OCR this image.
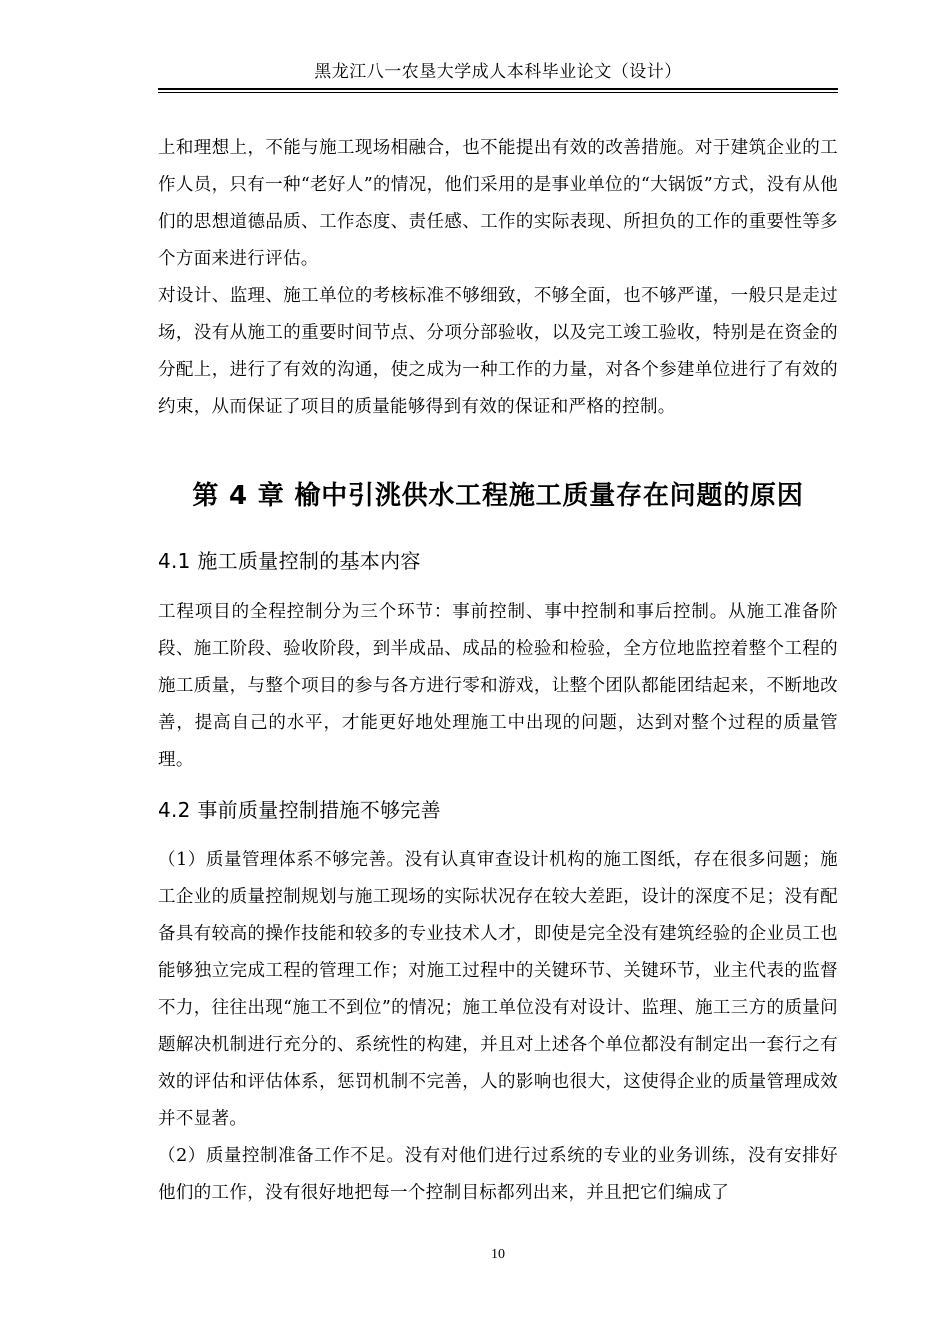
黑龙江八一农垦大学成人本科毕业论文（设计）

上和理想上，不能与施工现场相融合，也不能提出有效的改善措施。对于建筑企业的工作人员，只有一种“老好人”的情况，他们采用的是事业单位的“大锅饭”方式，没有从他们的思想道德品质、工作态度、责任感、工作的实际表现、所担负的工作的重要性等多个方面来进行评估。

对设计、监理、施工单位的考核标准不够细致，不够全面，也不够严谨，一般只是走过场，没有从施工的重要时间节点、分项分部验收，以及完工竣工验收，特别是在资金的分配上，进行了有效的沟通，使之成为一种工作的力量，对各个参建单位进行了有效的约束，从而保证了项目的质量能够得到有效的保证和严格的控制。

第 4 章 榆中引洮供水工程施工质量存在问题的原因
4.1 施工质量控制的基本内容

工程项目的全程控制分为三个环节：事前控制、事中控制和事后控制。从施工准备阶段、施工阶段、验收阶段，到半成品、成品的检验和检验，全方位地监控着整个工程的施工质量，与整个项目的参与各方进行零和游戏，让整个团队都能团结起来，不断地改善，提高自己的水平，才能更好地处理施工中出现的问题，达到对整个过程的质量管理。

4.2 事前质量控制措施不够完善

（1）质量管理体系不够完善。没有认真审查设计机构的施工图纸，存在很多问题；施工企业的质量控制规划与施工现场的实际状况存在较大差距，设计的深度不足；没有配备具有较高的操作技能和较多的专业技术人才，即使是完全没有建筑经验的企业员工也能够独立完成工程的管理工作；对施工过程中的关键环节、关键环节，业主代表的监督不力，往往出现“施工不到位”的情况；施工单位没有对设计、监理、施工三方的质量问题解决机制进行充分的、系统性的构建，并且对上述各个单位都没有制定出一套行之有效的评估和评估体系，惩罚机制不完善，人的影响也很大，这使得企业的质量管理成效并不显著。

（2）质量控制准备工作不足。没有对他们进行过系统的专业的业务训练，没有安排好他们的工作，没有很好地把每一个控制目标都列出来，并且把它们编成了

10
